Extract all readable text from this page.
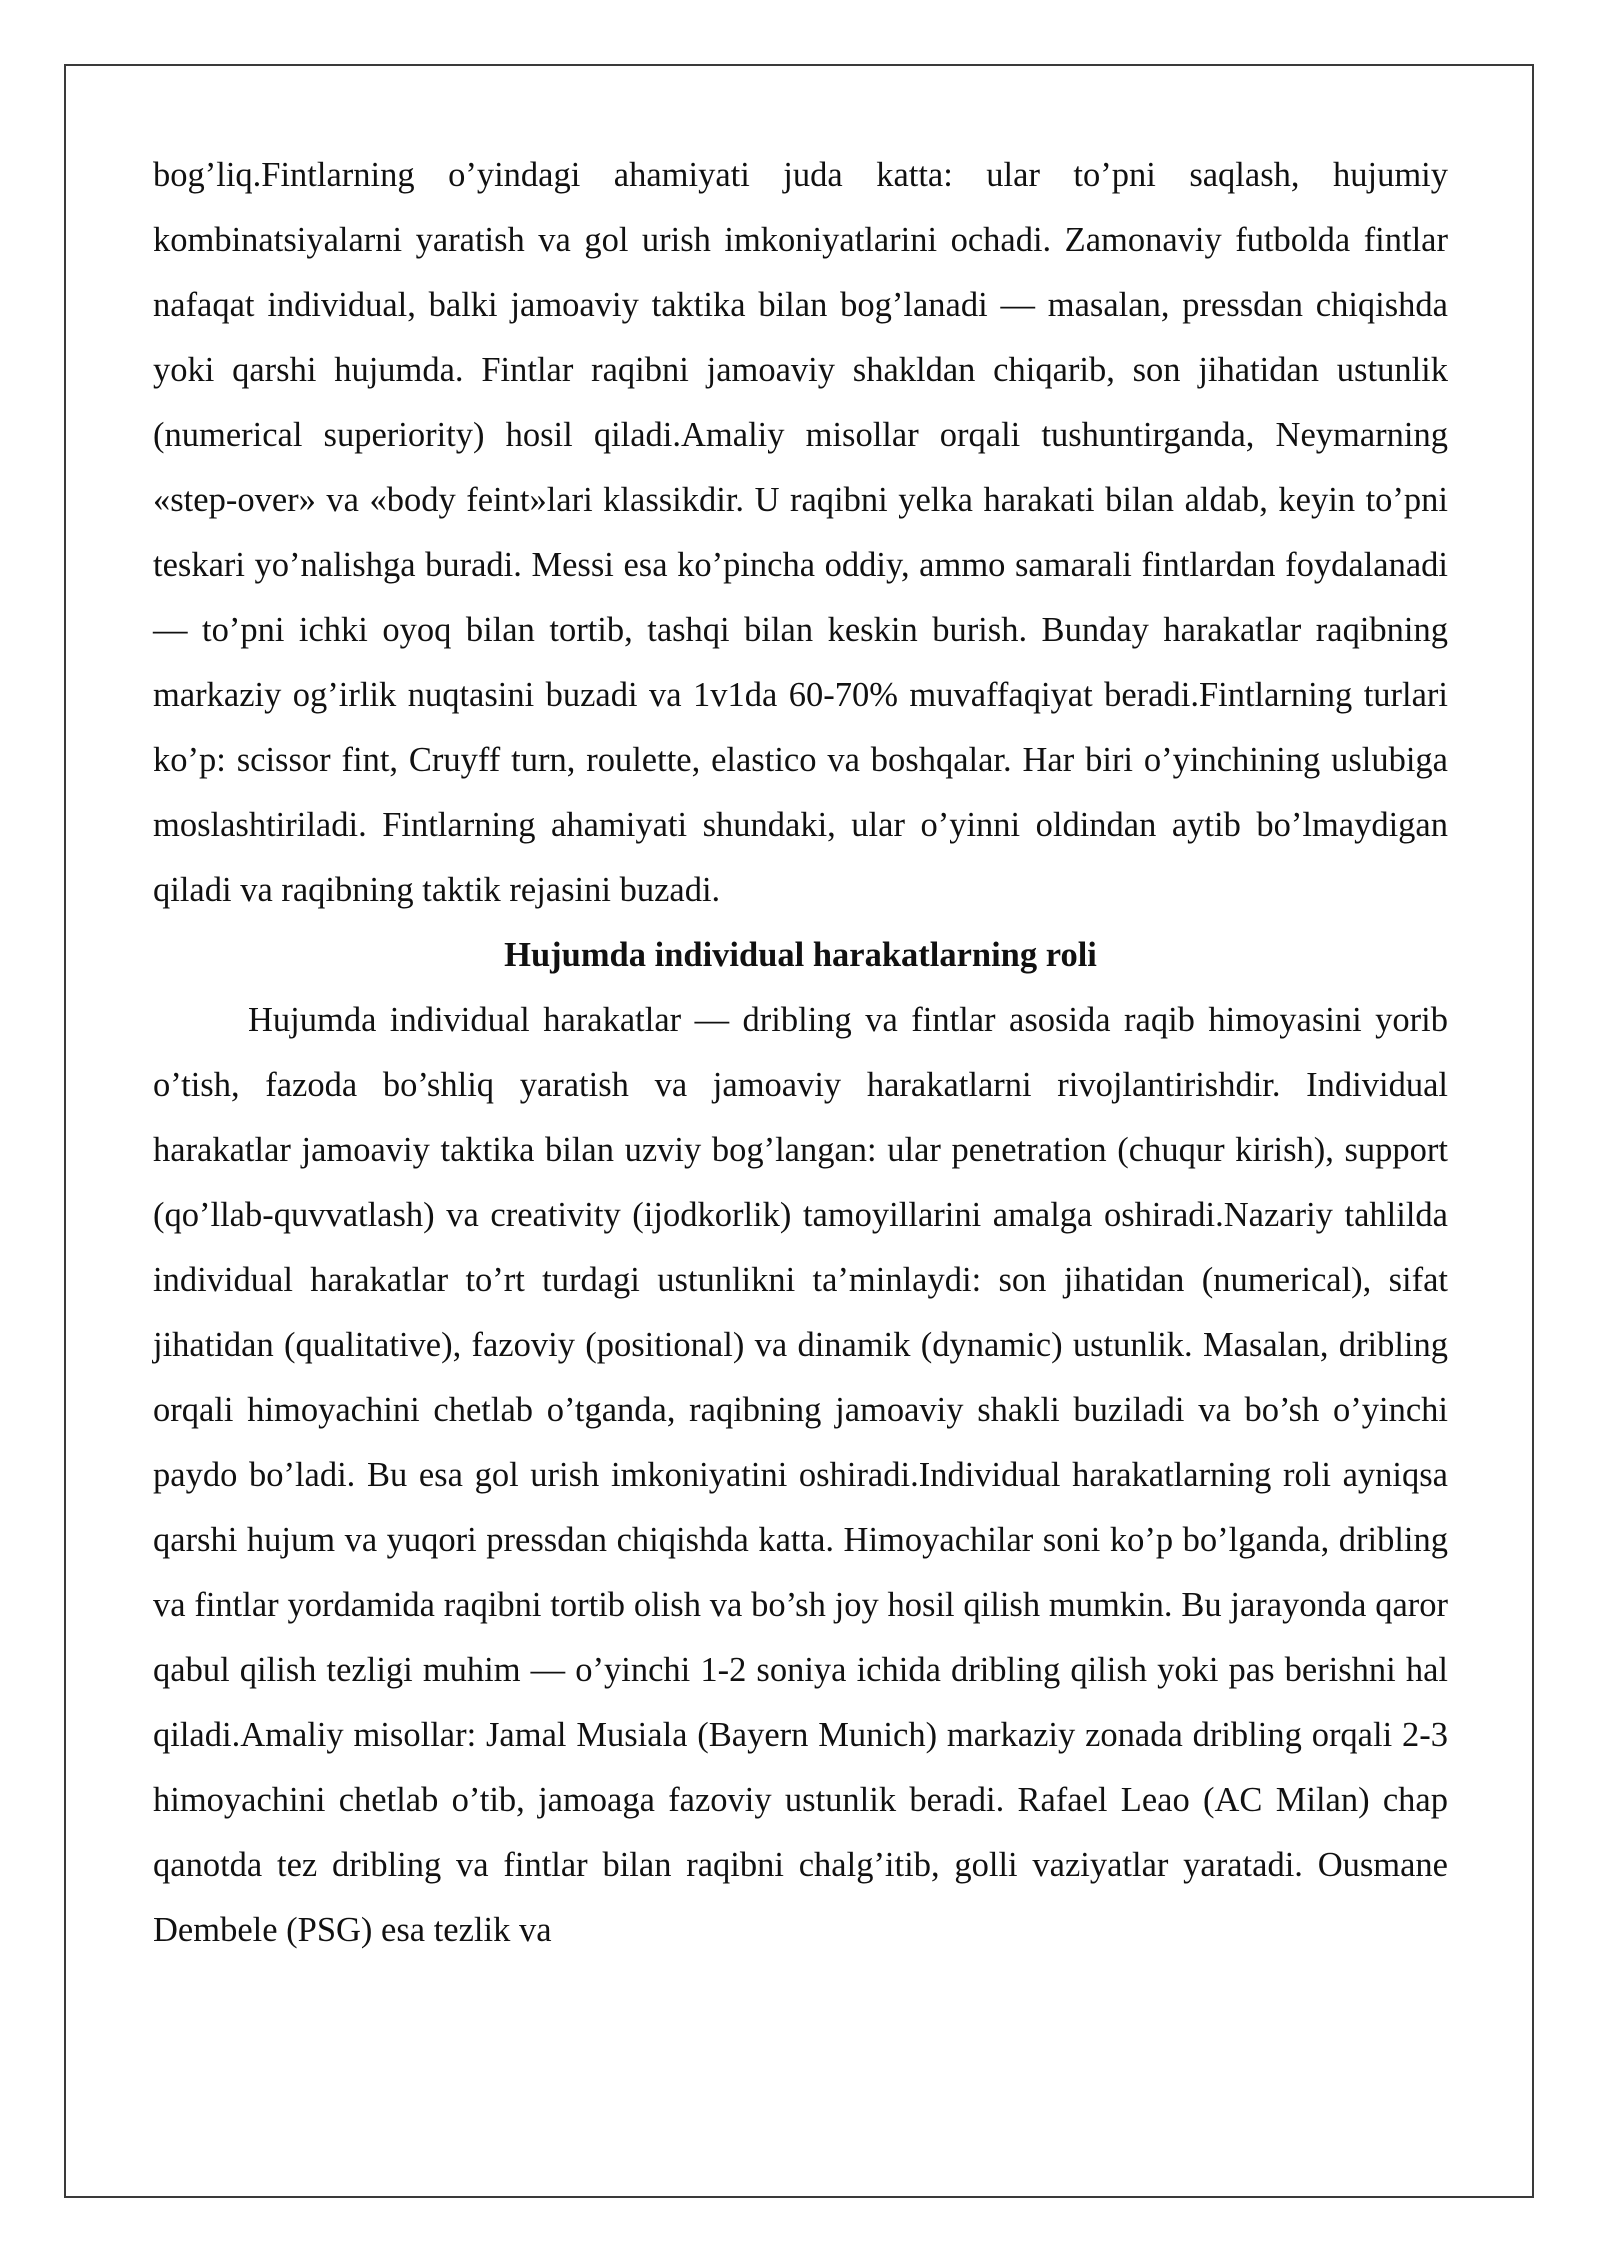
bog’liq.Fintlarning o’yindagi ahamiyati juda katta: ular to’pni saqlash, hujumiy kombinatsiyalarni yaratish va gol urish imkoniyatlarini ochadi. Zamonaviy futbolda fintlar nafaqat individual, balki jamoaviy taktika bilan bog’lanadi — masalan, pressdan chiqishda yoki qarshi hujumda. Fintlar raqibni jamoaviy shakldan chiqarib, son jihatidan ustunlik (numerical superiority) hosil qiladi.Amaliy misollar orqali tushuntirganda, Neymarning «step-over» va «body feint»lari klassikdir. U raqibni yelka harakati bilan aldab, keyin to’pni teskari yo’nalishga buradi. Messi esa ko’pincha oddiy, ammo samarali fintlardan foydalanadi — to’pni ichki oyoq bilan tortib, tashqi bilan keskin burish. Bunday harakatlar raqibning markaziy og’irlik nuqtasini buzadi va 1v1da 60-70% muvaffaqiyat beradi.Fintlarning turlari ko’p: scissor fint, Cruyff turn, roulette, elastico va boshqalar. Har biri o’yinchining uslubiga moslashtiriladi. Fintlarning ahamiyati shundaki, ular o’yinni oldindan aytib bo’lmaydigan qiladi va raqibning taktik rejasini buzadi.

Hujumda individual harakatlarning roli

Hujumda individual harakatlar — dribling va fintlar asosida raqib himoyasini yorib o’tish, fazoda bo’shliq yaratish va jamoaviy harakatlarni rivojlantirishdir. Individual harakatlar jamoaviy taktika bilan uzviy bog’langan: ular penetration (chuqur kirish), support (qo’llab-quvvatlash) va creativity (ijodkorlik) tamoyillarini amalga oshiradi.Nazariy tahlilda individual harakatlar to’rt turdagi ustunlikni ta’minlaydi: son jihatidan (numerical), sifat jihatidan (qualitative), fazoviy (positional) va dinamik (dynamic) ustunlik. Masalan, dribling orqali himoyachini chetlab o’tganda, raqibning jamoaviy shakli buziladi va bo’sh o’yinchi paydo bo’ladi. Bu esa gol urish imkoniyatini oshiradi.Individual harakatlarning roli ayniqsa qarshi hujum va yuqori pressdan chiqishda katta. Himoyachilar soni ko’p bo’lganda, dribling va fintlar yordamida raqibni tortib olish va bo’sh joy hosil qilish mumkin. Bu jarayonda qaror qabul qilish tezligi muhim — o’yinchi 1-2 soniya ichida dribling qilish yoki pas berishni hal qiladi.Amaliy misollar: Jamal Musiala (Bayern Munich) markaziy zonada dribling orqali 2-3 himoyachini chetlab o’tib, jamoaga fazoviy ustunlik beradi. Rafael Leao (AC Milan) chap qanotda tez dribling va fintlar bilan raqibni chalg’itib, golli vaziyatlar yaratadi. Ousmane Dembele (PSG) esa tezlik va
